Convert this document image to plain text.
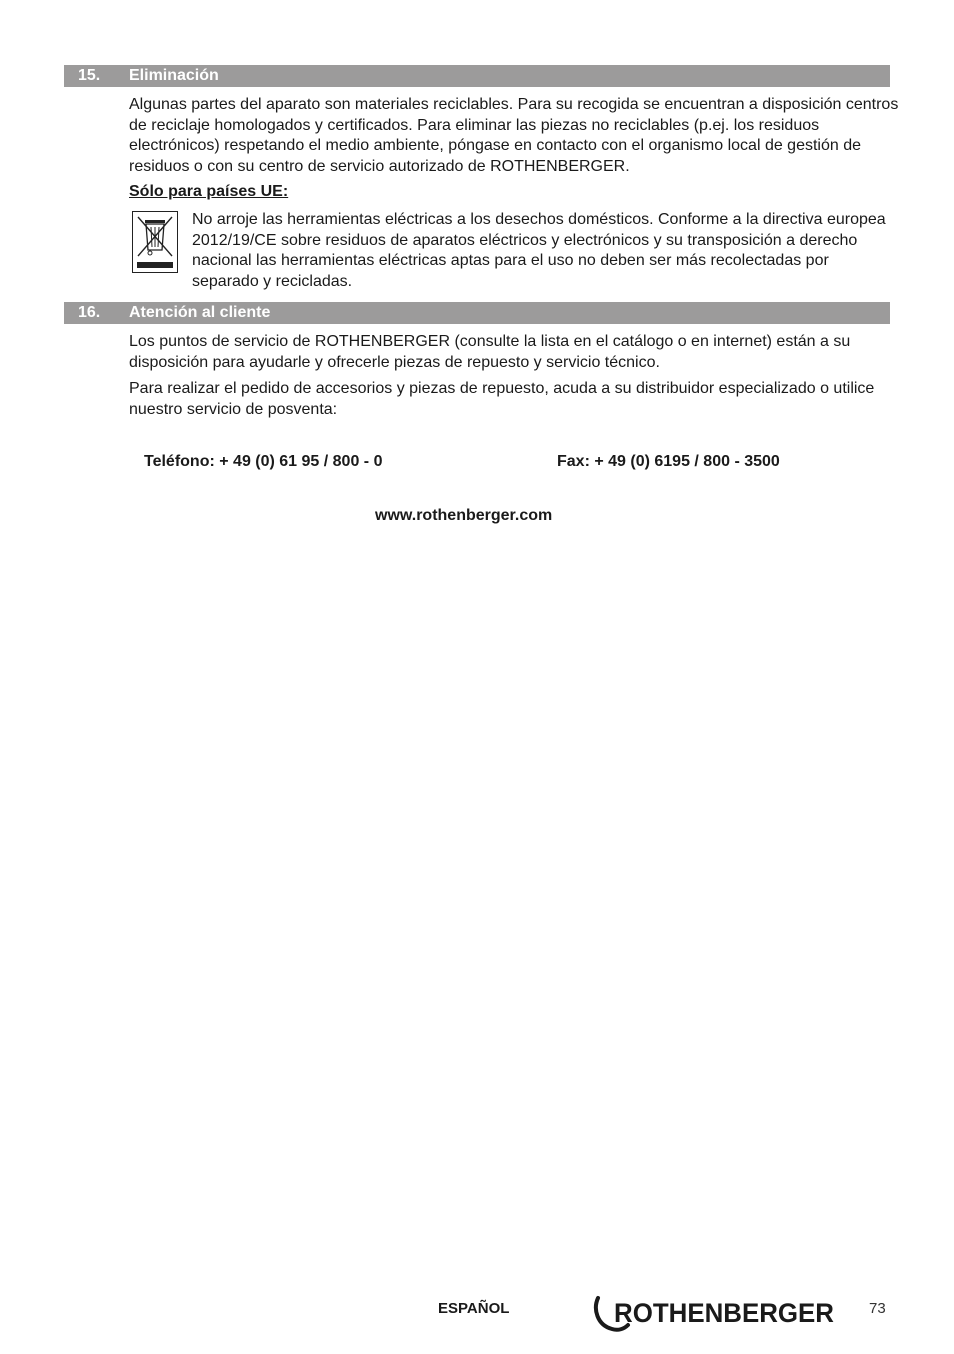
15. Eliminación

Algunas partes del aparato son materiales reciclables. Para su recogida se encuentran a disposición centros de reciclaje homologados y certificados. Para eliminar las piezas no reciclables (p.ej. los residuos electrónicos) respetando el medio ambiente, póngase en contacto con el organismo local de gestión de residuos o con su centro de servicio autorizado de ROTHENBERGER.

Sólo para países UE:

No arroje las herramientas eléctricas a los desechos domésticos. Conforme a la directiva europea 2012/19/CE sobre residuos de aparatos eléctricos y electrónicos y su transposición a derecho nacional las herramientas eléctricas aptas para el uso no deben ser más recolectadas por separado y recicladas.

16. Atención al cliente

Los puntos de servicio de ROTHENBERGER (consulte la lista en el catálogo o en internet) están a su disposición para ayudarle y ofrecerle piezas de repuesto y servicio técnico.

Para realizar el pedido de accesorios y piezas de repuesto, acuda a su distribuidor especializado o utilice nuestro servicio de posventa:

Teléfono: + 49 (0) 61 95 / 800 - 0	Fax: + 49 (0) 6195 / 800 - 3500
www.rothenberger.com
ESPAÑOL	ROTHENBERGER 73
